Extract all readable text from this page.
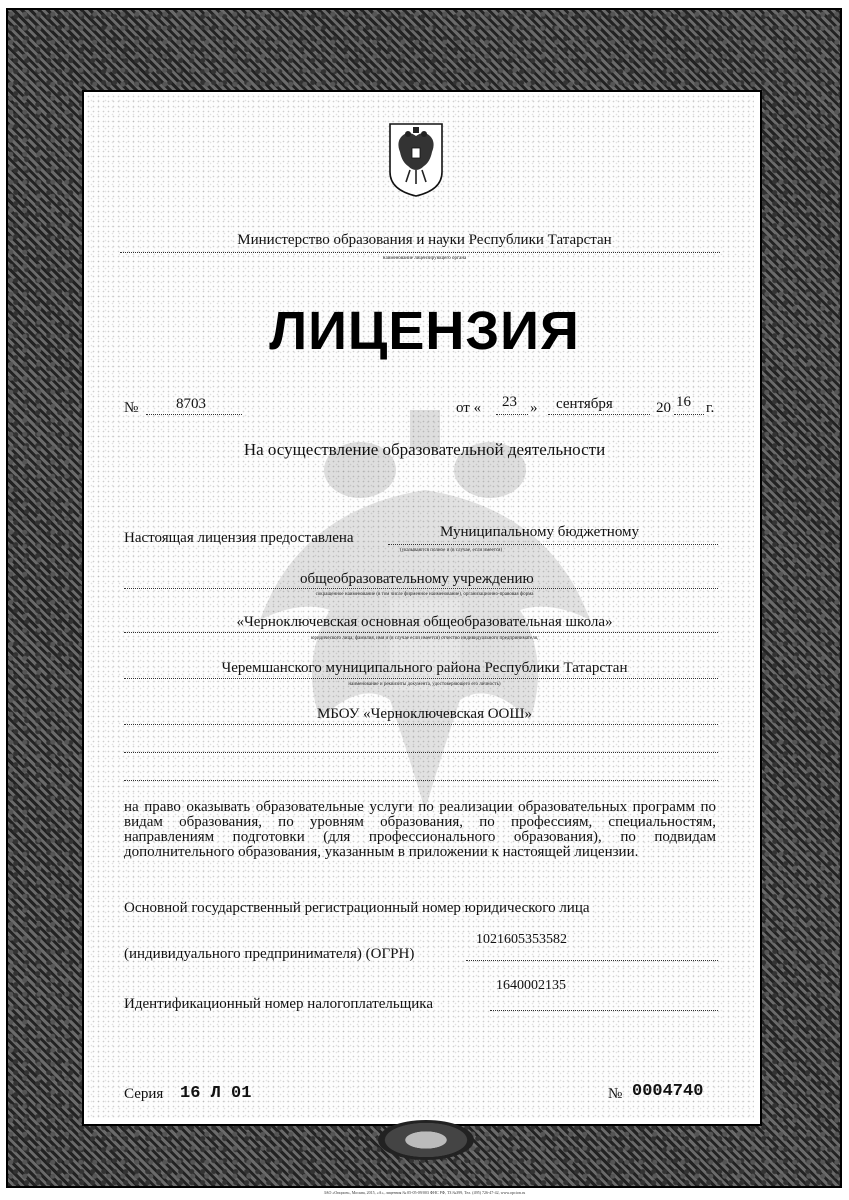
Министерство образования и науки Республики Татарстан
наименование лицензирующего органа
ЛИЦЕНЗИЯ
№	8703	от « 23 » сентября	20 16 г.
На осуществление образовательной деятельности
Настоящая лицензия предоставлена	Муниципальному бюджетному
(указываются полное и (в случае, если имеется)
общеобразовательному учреждению
сокращенное наименование (в том числе фирменное наименование), организационно-правовая форма
«Черноключевская основная общеобразовательная школа»
юридического лица, фамилия, имя и (в случае если имеется) отчество индивидуального предпринимателя,
Черемшанского муниципального района Республики Татарстан
наименование и реквизиты документа, удостоверяющего его личность)
МБОУ «Черноключевская ООШ»
на право оказывать образовательные услуги по реализации образовательных программ по видам образования, по уровням образования, по профессиям, специальностям, направлениям подготовки (для профессионального образования), по подвидам дополнительного образования, указанным в приложении к настоящей лицензии.
Основной государственный регистрационный номер юридического лица
(индивидуального предпринимателя) (ОГРН)
1021605353582
Идентификационный номер налогоплательщика
1640002135
Серия 16 Л 01	№ 0004740
ЗАО «Опцион», Москва, 2015, «А», лицензия № 05-05-09/003 ФНС РФ, ТЗ №399, Тел. (495) 726-47-42, www.opcion.ru
